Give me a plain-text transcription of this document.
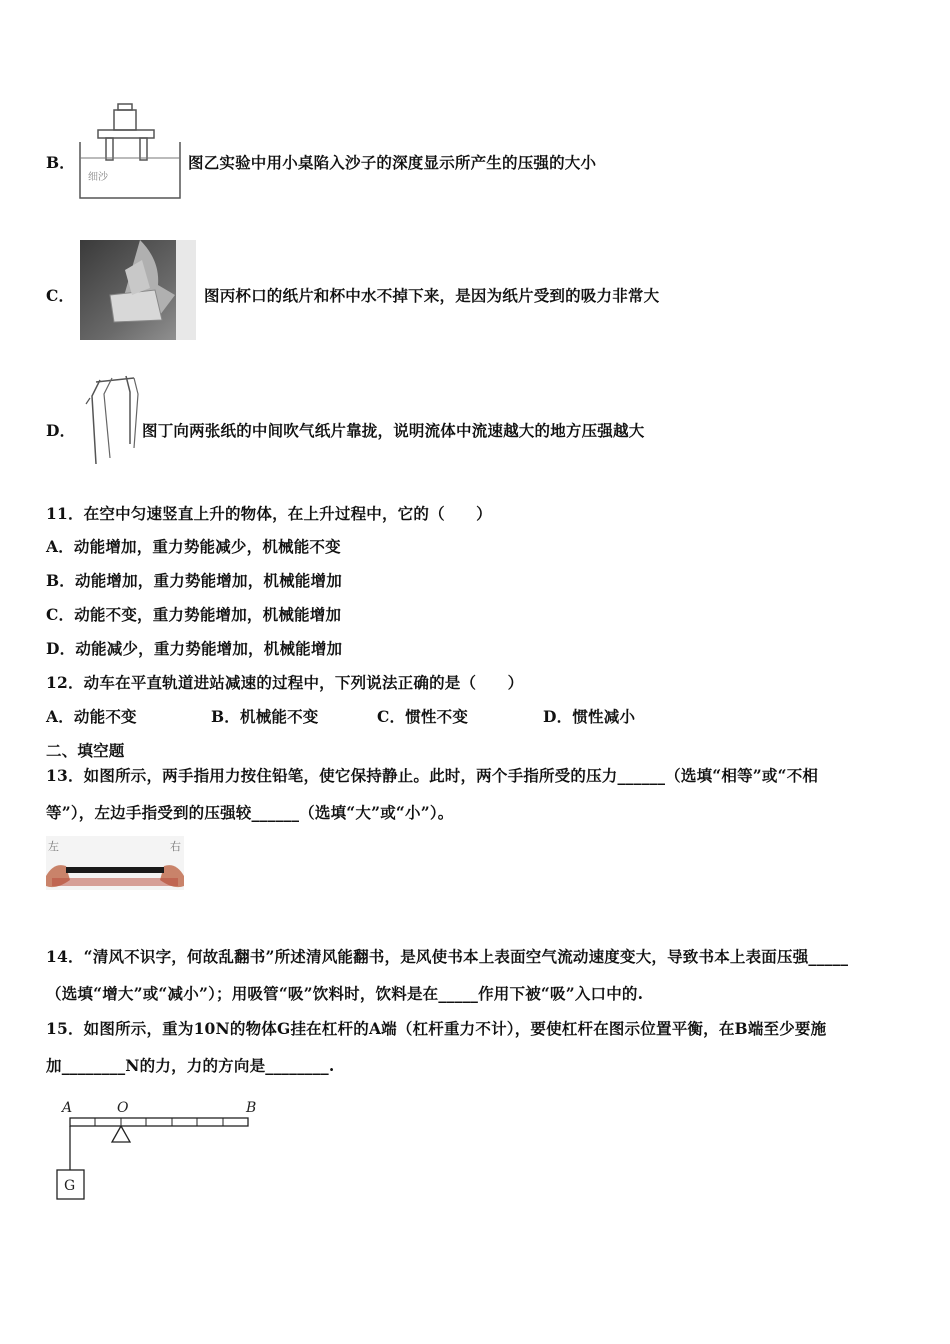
B．
细沙
图乙实验中用小桌陷入沙子的深度显示所产生的压强的大小
C．	图丙杯口的纸片和杯中水不掉下来，是因为纸片受到的吸力非常大
D．	图丁向两张纸的中间吹气纸片靠拢，说明流体中流速越大的地方压强越大
11．在空中匀速竖直上升的物体，在上升过程中，它的（　　）
A．动能增加，重力势能减少，机械能不变
B．动能增加，重力势能增加，机械能增加
C．动能不变，重力势能增加，机械能增加
D．动能减少，重力势能增加，机械能增加
12．动车在平直轨道进站减速的过程中，下列说法正确的是（　　）
A．动能不变	B．机械能不变	C．惯性不变	D．惯性减小
二、填空题
13．如图所示，两手指用力按住铅笔，使它保持静止。此时，两个手指所受的压力______（选填“相等”或“不相
等”），左边手指受到的压强较______（选填“大”或“小”）。
左	右
14．“清风不识字，何故乱翻书”所述清风能翻书，是风使书本上表面空气流动速度变大，导致书本上表面压强_____
（选填“增大”或“减小”）；用吸管“吸”饮料时，饮料是在_____作用下被“吸”入口中的.
15．如图所示，重为10N的物体G挂在杠杆的A端（杠杆重力不计），要使杠杆在图示位置平衡，在B端至少要施
加________N的力，力的方向是________.
A	O	B
G
